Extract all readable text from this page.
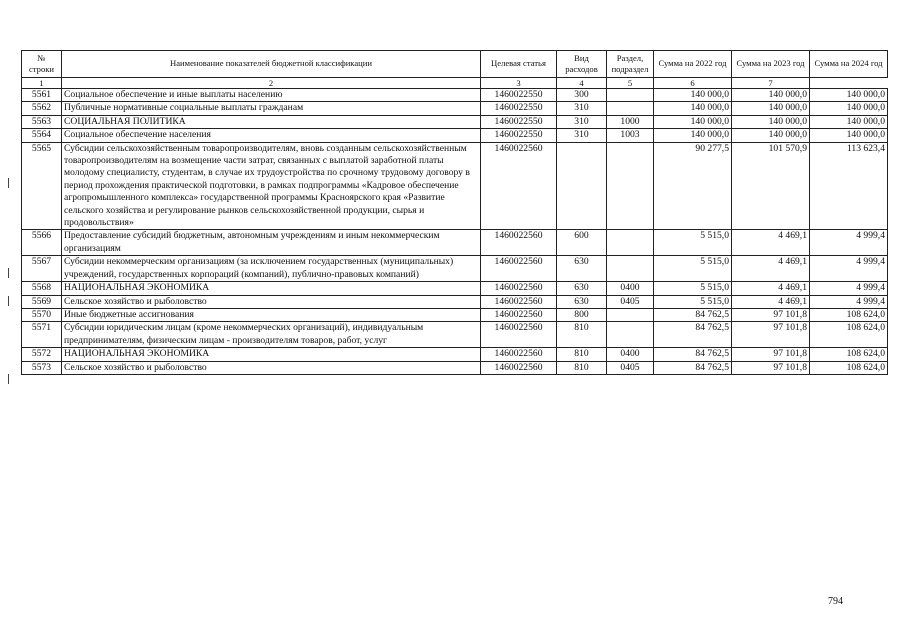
№ строки	Наименование показателей бюджетной классификации	Целевая статья	Вид расходов	Раздел, подраздел	Сумма на 2022 год	Сумма на 2023 год	Сумма на 2024 год
1	2	3	4	5	6	7	
5561	Социальное обеспечение и иные выплаты населению	1460022550	300		140 000,0	140 000,0	140 000,0
5562	Публичные нормативные социальные выплаты гражданам	1460022550	310		140 000,0	140 000,0	140 000,0
5563	СОЦИАЛЬНАЯ ПОЛИТИКА	1460022550	310	1000	140 000,0	140 000,0	140 000,0
5564	Социальное обеспечение населения	1460022550	310	1003	140 000,0	140 000,0	140 000,0
5565	Субсидии сельскохозяйственным товаропроизводителям, вновь созданным сельскохозяйственным товаропроизводителям на возмещение части затрат, связанных с выплатой заработной платы молодому специалисту, студентам, в случае их трудоустройства по срочному трудовому договору в период прохождения практической подготовки, в рамках подпрограммы «Кадровое обеспечение агропромышленного комплекса» государственной программы Красноярского края «Развитие сельского хозяйства и регулирование рынков сельскохозяйственной продукции, сырья и продовольствия»	1460022560			90 277,5	101 570,9	113 623,4
5566	Предоставление субсидий бюджетным, автономным учреждениям и иным некоммерческим организациям	1460022560	600		5 515,0	4 469,1	4 999,4
5567	Субсидии некоммерческим организациям (за исключением государственных (муниципальных) учреждений, государственных корпораций (компаний), публично-правовых компаний)	1460022560	630		5 515,0	4 469,1	4 999,4
5568	НАЦИОНАЛЬНАЯ ЭКОНОМИКА	1460022560	630	0400	5 515,0	4 469,1	4 999,4
5569	Сельское хозяйство и рыболовство	1460022560	630	0405	5 515,0	4 469,1	4 999,4
5570	Иные бюджетные ассигнования	1460022560	800		84 762,5	97 101,8	108 624,0
5571	Субсидии юридическим лицам (кроме некоммерческих организаций), индивидуальным предпринимателям, физическим лицам - производителям товаров, работ, услуг	1460022560	810		84 762,5	97 101,8	108 624,0
5572	НАЦИОНАЛЬНАЯ ЭКОНОМИКА	1460022560	810	0400	84 762,5	97 101,8	108 624,0
5573	Сельское хозяйство и рыболовство	1460022560	810	0405	84 762,5	97 101,8	108 624,0
794
